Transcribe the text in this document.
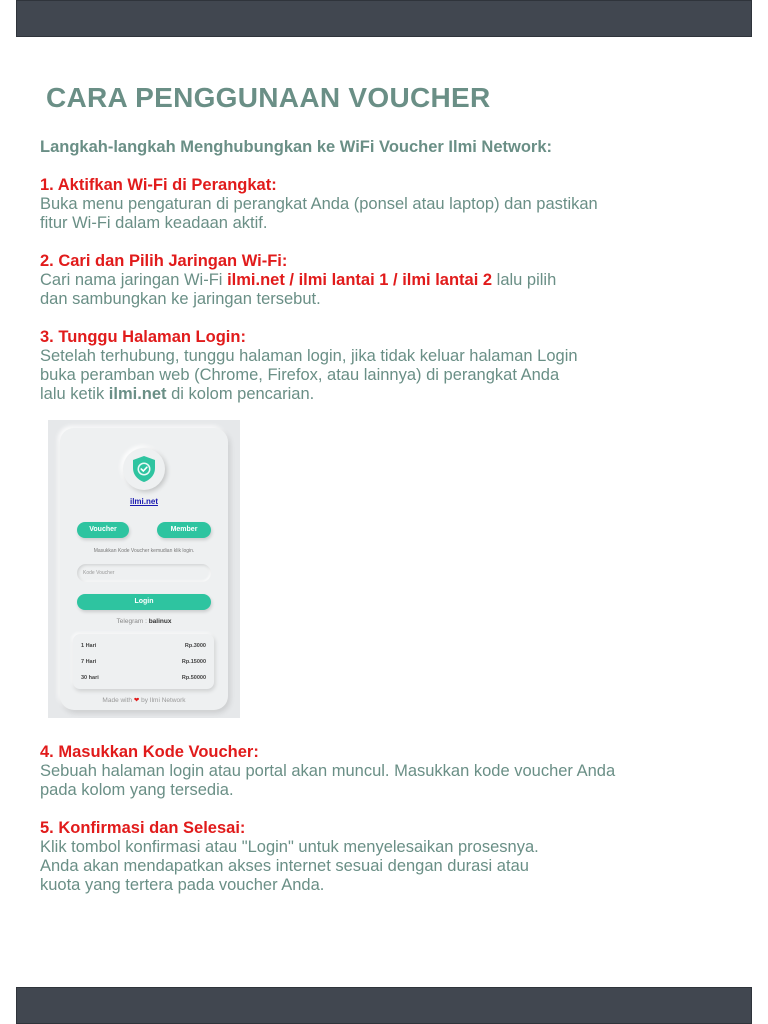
CARA PENGGUNAAN VOUCHER
Langkah-langkah Menghubungkan ke WiFi Voucher Ilmi Network:
1. Aktifkan Wi-Fi di Perangkat:
Buka menu pengaturan di perangkat Anda (ponsel atau laptop) dan pastikan
fitur Wi-Fi dalam keadaan aktif.
2. Cari dan Pilih Jaringan Wi-Fi:
Cari nama jaringan Wi-Fi ilmi.net / ilmi lantai 1 / ilmi lantai 2 lalu pilih
dan sambungkan ke jaringan tersebut.
3. Tunggu Halaman Login:
Setelah terhubung, tunggu halaman login, jika tidak keluar halaman Login
buka peramban web (Chrome, Firefox, atau lainnya) di perangkat Anda
lalu ketik ilmi.net di kolom pencarian.
ilmi.net
Voucher	Member
Masukkan Kode Voucher kemudian klik login.
Kode Voucher
Login
Telegram : balinux
1 Hari	Rp.3000
7 Hari	Rp.15000
30 hari	Rp.50000
Made with ❤ by Ilmi Network
4. Masukkan Kode Voucher:
Sebuah halaman login atau portal akan muncul. Masukkan kode voucher Anda
pada kolom yang tersedia.
5. Konfirmasi dan Selesai:
Klik tombol konfirmasi atau "Login" untuk menyelesaikan prosesnya.
Anda akan mendapatkan akses internet sesuai dengan durasi atau
kuota yang tertera pada voucher Anda.
